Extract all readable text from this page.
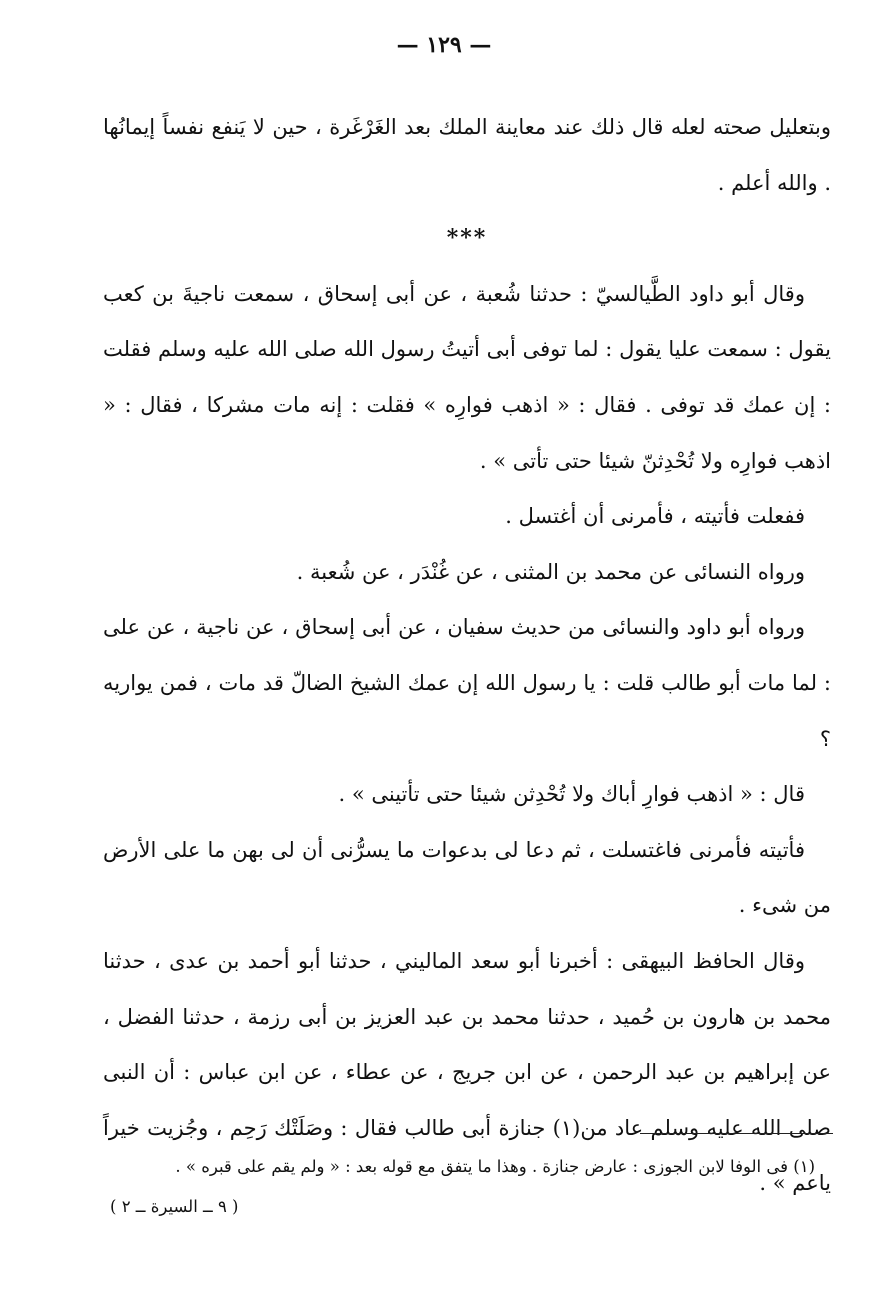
— ١٢٩ —

وبتعليل صحته لعله قال ذلك عند معاينة الملك بعد الغَرْغَرة ، حين لا يَنفع نفساً إيمانُها . والله أعلم .

***

وقال أبو داود الطَّيالسيّ : حدثنا شُعبة ، عن أبى إسحاق ، سمعت ناجيةَ بن كعب يقول : سمعت عليا يقول : لما توفى أبى أتيتُ رسول الله صلى الله عليه وسلم فقلت : إن عمك قد توفى . فقال : « اذهب فوارِه » فقلت : إنه مات مشركا ، فقال : « اذهب فوارِه ولا تُحْدِثنّ شيئا حتى تأتى » .

ففعلت فأتيته ، فأمرنى أن أغتسل .

ورواه النسائى عن محمد بن المثنى ، عن غُنْدَر ، عن شُعبة .

ورواه أبو داود والنسائى من حديث سفيان ، عن أبى إسحاق ، عن ناجية ، عن على : لما مات أبو طالب قلت : يا رسول الله إن عمك الشيخ الضالّ قد مات ، فمن يواريه ؟

قال : « اذهب فوارِ أباك ولا تُحْدِثن شيئا حتى تأتينى » .

فأتيته فأمرنى فاغتسلت ، ثم دعا لى بدعوات ما يسرُّنى أن لى بهن ما على الأرض من شىء .

وقال الحافظ البيهقى : أخبرنا أبو سعد الماليني ، حدثنا أبو أحمد بن عدى ، حدثنا محمد بن هارون بن حُميد ، حدثنا محمد بن عبد العزيز بن أبى رزمة ، حدثنا الفضل ، عن إبراهيم بن عبد الرحمن ، عن ابن جريج ، عن عطاء ، عن ابن عباس : أن النبى صلى الله عليه وسلم عاد من(١) جنازة أبى طالب فقال : وصَلَتْك رَحِم ، وجُزيت خيراً ياعم » .

(١) فى الوفا لابن الجوزى : عارض جنازة . وهذا ما يتفق مع قوله بعد : « ولم يقم على قبره » .
( ٩ ــ السيرة ــ ٢ )
